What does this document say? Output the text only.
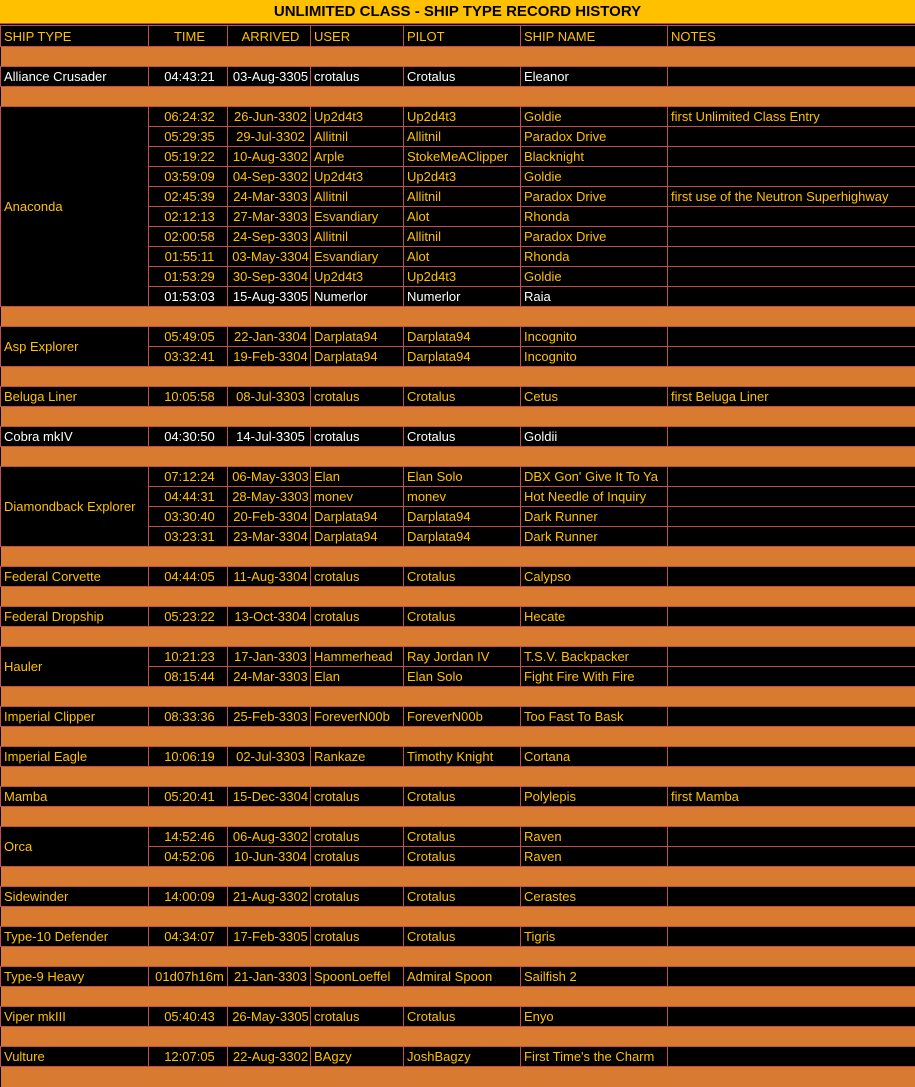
UNLIMITED CLASS - SHIP TYPE RECORD HISTORY
SHIP TYPE	TIME	ARRIVED	USER	PILOT	SHIP NAME	NOTES

Alliance Crusader	04:43:21	03-Aug-3305	crotalus	Crotalus	Eleanor	

Anaconda	06:24:32	26-Jun-3302	Up2d4t3	Up2d4t3	Goldie	first Unlimited Class Entry
	05:29:35	29-Jul-3302	Allitnil	Allitnil	Paradox Drive	
	05:19:22	10-Aug-3302	Arple	StokeMeAClipper	Blacknight	
	03:59:09	04-Sep-3302	Up2d4t3	Up2d4t3	Goldie	
	02:45:39	24-Mar-3303	Allitnil	Allitnil	Paradox Drive	first use of the Neutron Superhighway
	02:12:13	27-Mar-3303	Esvandiary	Alot	Rhonda	
	02:00:58	24-Sep-3303	Allitnil	Allitnil	Paradox Drive	
	01:55:11	03-May-3304	Esvandiary	Alot	Rhonda	
	01:53:29	30-Sep-3304	Up2d4t3	Up2d4t3	Goldie	
	01:53:03	15-Aug-3305	Numerlor	Numerlor	Raia	

Asp Explorer	05:49:05	22-Jan-3304	Darplata94	Darplata94	Incognito	
	03:32:41	19-Feb-3304	Darplata94	Darplata94	Incognito	

Beluga Liner	10:05:58	08-Jul-3303	crotalus	Crotalus	Cetus	first Beluga Liner

Cobra mkIV	04:30:50	14-Jul-3305	crotalus	Crotalus	Goldii	

Diamondback Explorer	07:12:24	06-May-3303	Elan	Elan Solo	DBX Gon' Give It To Ya	
	04:44:31	28-May-3303	monev	monev	Hot Needle of Inquiry	
	03:30:40	20-Feb-3304	Darplata94	Darplata94	Dark Runner	
	03:23:31	23-Mar-3304	Darplata94	Darplata94	Dark Runner	

Federal Corvette	04:44:05	11-Aug-3304	crotalus	Crotalus	Calypso	

Federal Dropship	05:23:22	13-Oct-3304	crotalus	Crotalus	Hecate	

Hauler	10:21:23	17-Jan-3303	Hammerhead	Ray Jordan IV	T.S.V. Backpacker	
	08:15:44	24-Mar-3303	Elan	Elan Solo	Fight Fire With Fire	

Imperial Clipper	08:33:36	25-Feb-3303	ForeverN00b	ForeverN00b	Too Fast To Bask	

Imperial Eagle	10:06:19	02-Jul-3303	Rankaze	Timothy Knight	Cortana	

Mamba	05:20:41	15-Dec-3304	crotalus	Crotalus	Polylepis	first Mamba

Orca	14:52:46	06-Aug-3302	crotalus	Crotalus	Raven	
	04:52:06	10-Jun-3304	crotalus	Crotalus	Raven	

Sidewinder	14:00:09	21-Aug-3302	crotalus	Crotalus	Cerastes	

Type-10 Defender	04:34:07	17-Feb-3305	crotalus	Crotalus	Tigris	

Type-9 Heavy	01d07h16m	21-Jan-3303	SpoonLoeffel	Admiral Spoon	Sailfish 2	

Viper mkIII	05:40:43	26-May-3305	crotalus	Crotalus	Enyo	

Vulture	12:07:05	22-Aug-3302	BAgzy	JoshBagzy	First Time's the Charm	
